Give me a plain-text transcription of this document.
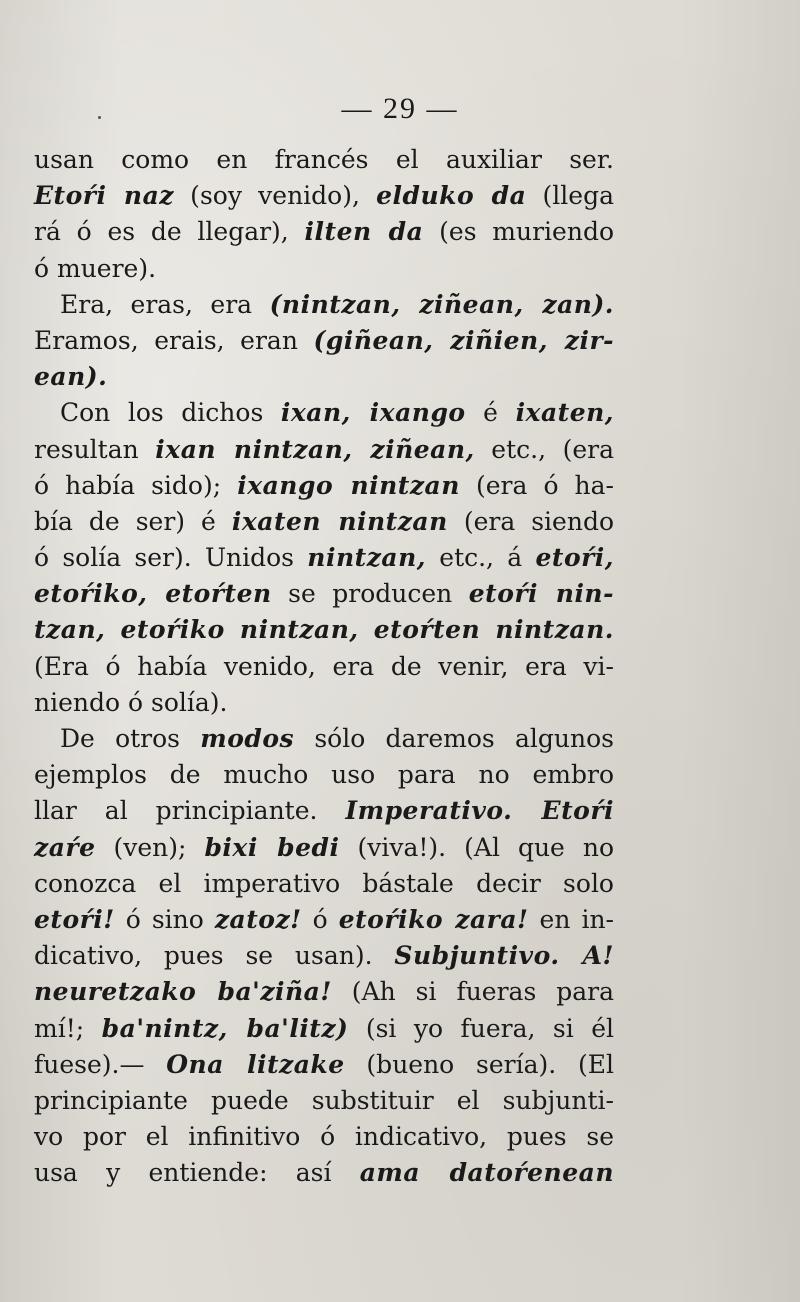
— 29 —
usan como en francés el auxiliar ser.
Etoŕi naz (soy venido), elduko da (llega
rá ó es de llegar), ilten da (es muriendo
ó muere).
Era, eras, era (nintzan, ziñean, zan).
Eramos, erais, eran (giñean, ziñien, zir-
ean).
Con los dichos ixan, ixango é ixaten,
resultan ixan nintzan, ziñean, etc., (era
ó había sido); ixango nintzan (era ó ha-
bía de ser) é ixaten nintzan (era siendo
ó solía ser). Unidos nintzan, etc., á etoŕi,
etoŕiko, etoŕten se producen etoŕi nin-
tzan, etoŕiko nintzan, etoŕten nintzan.
(Era ó había venido, era de venir, era vi-
niendo ó solía).
De otros modos sólo daremos algunos
ejemplos de mucho uso para no embro
llar al principiante. Imperativo. Etoŕi
zaŕe (ven); bixi bedi (viva!). (Al que no
conozca el imperativo bástale decir solo
etoŕi! ó sino zatoz! ó etoŕiko zara! en in-
dicativo, pues se usan). Subjuntivo. A!
neuretzako ba'ziña! (Ah si fueras para
mí!; ba'nintz, ba'litz) (si yo fuera, si él
fuese).— Ona litzake (bueno sería). (El
principiante puede substituir el subjunti-
vo por el infinitivo ó indicativo, pues se
usa y entiende: así ama datoŕenean
